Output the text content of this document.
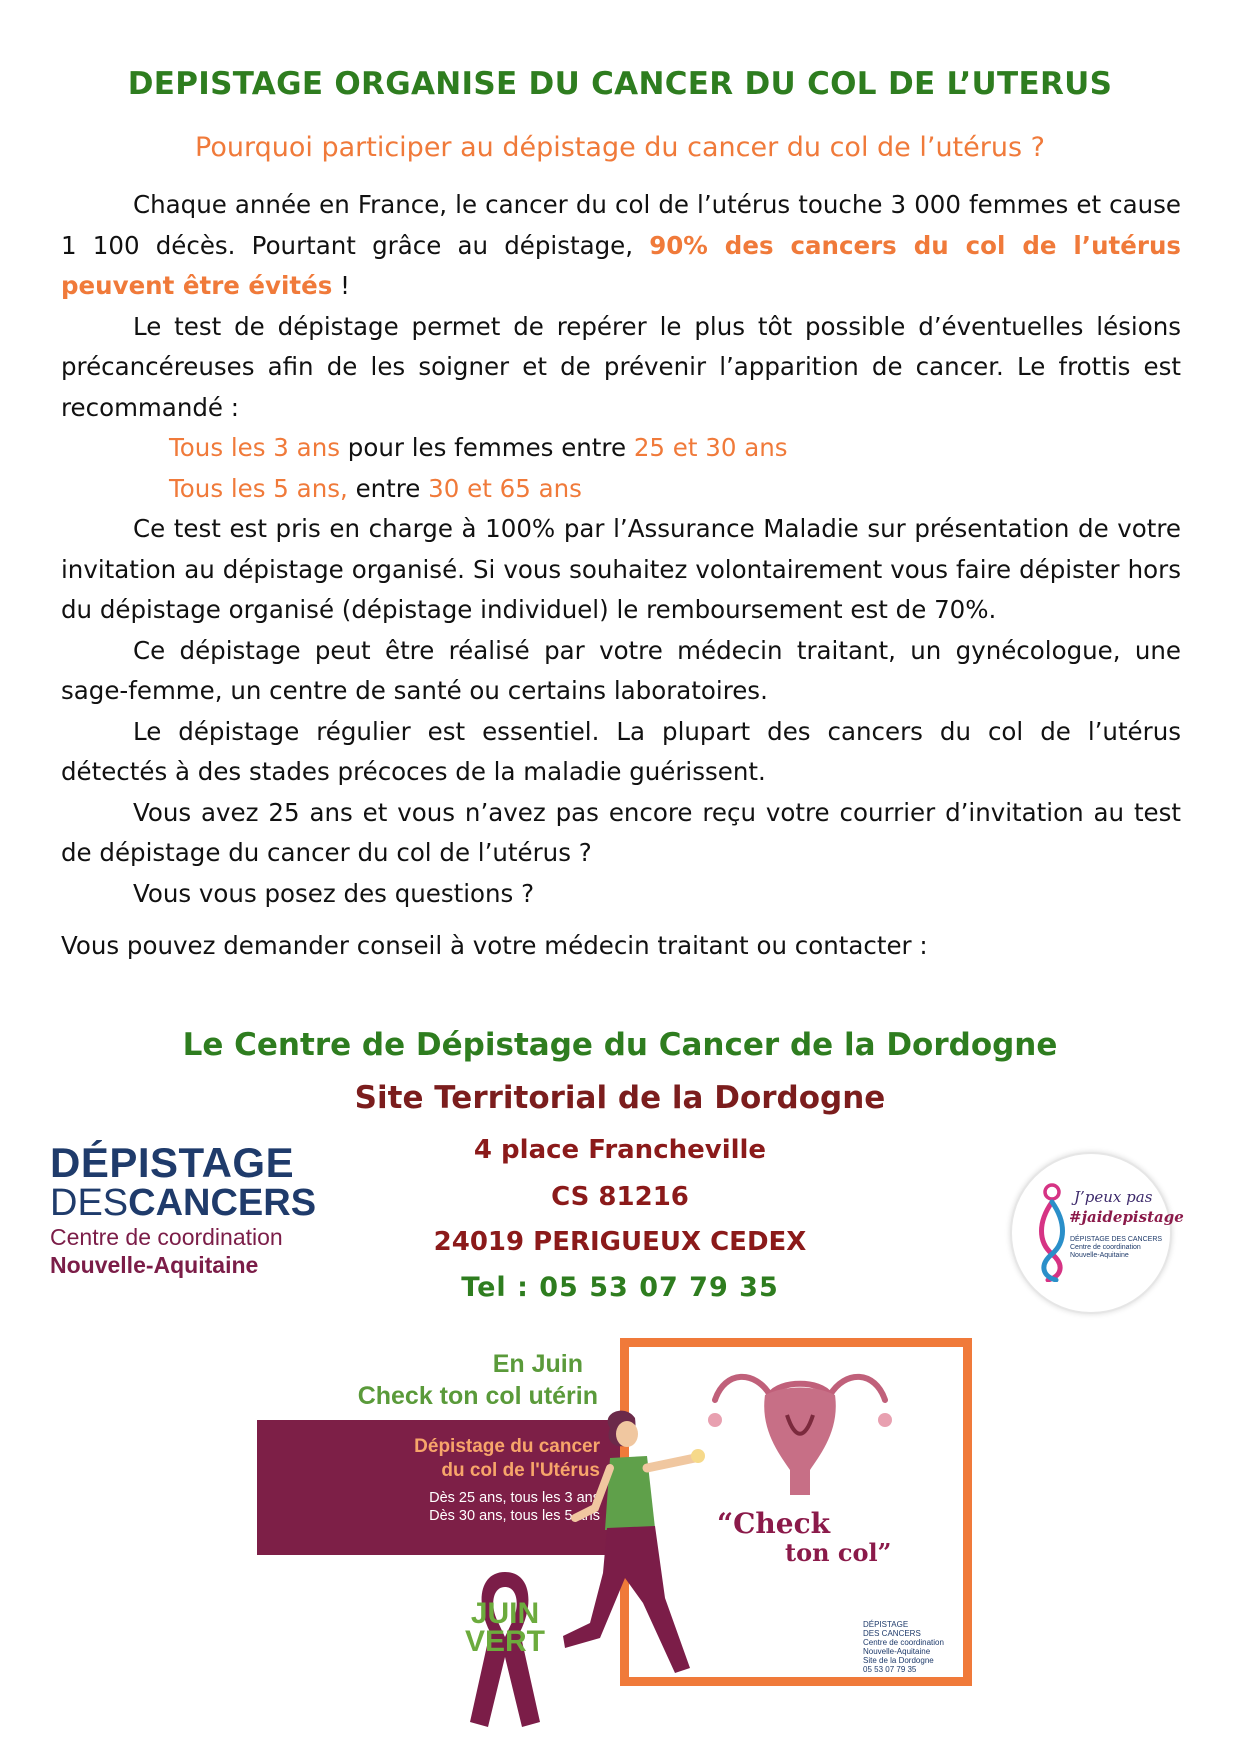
DEPISTAGE ORGANISE DU CANCER DU COL DE L’UTERUS
Pourquoi participer au dépistage du cancer du col de l’utérus ?

Chaque année en France, le cancer du col de l’utérus touche 3 000 femmes et cause 1 100 décès. Pourtant grâce au dépistage, 90% des cancers du col de l’utérus peuvent être évités !

Le test de dépistage permet de repérer le plus tôt possible d’éventuelles lésions précancéreuses afin de les soigner et de prévenir l’apparition de cancer. Le frottis est recommandé :

Tous les 3 ans pour les femmes entre 25 et 30 ans
Tous les 5 ans, entre 30 et 65 ans

Ce test est pris en charge à 100% par l’Assurance Maladie sur présentation de votre invitation au dépistage organisé. Si vous souhaitez volontairement vous faire dépister hors du dépistage organisé (dépistage individuel) le remboursement est de 70%.

Ce dépistage peut être réalisé par votre médecin traitant, un gynécologue, une sage-femme, un centre de santé ou certains laboratoires.

Le dépistage régulier est essentiel. La plupart des cancers du col de l’utérus détectés à des stades précoces de la maladie guérissent.

Vous avez 25 ans et vous n’avez pas encore reçu votre courrier d’invitation au test de dépistage du cancer du col de l’utérus ?

Vous vous posez des questions ?

Vous pouvez demander conseil à votre médecin traitant ou contacter :

Le Centre de Dépistage du Cancer de la Dordogne
Site Territorial de la Dordogne
4 place Francheville
CS 81216
24019 PERIGUEUX CEDEX
Tel : 05 53 07 79 35
DÉPISTAGE
DESCANCERS
Centre de coordination
Nouvelle-Aquitaine
J’peux pas
#jaidepistage
DÉPISTAGE DES CANCERS
Centre de coordination
Nouvelle-Aquitaine
En Juin
Check ton col utérin
Dépistage du cancer
du col de l'Utérus
Dès 25 ans, tous les 3 ans
Dès 30 ans, tous les 5 ans	“Check
ton col”
JUIN
VERT
DÉPISTAGE
DES CANCERS
Centre de coordination
Nouvelle-Aquitaine
Site de la Dordogne
05 53 07 79 35
